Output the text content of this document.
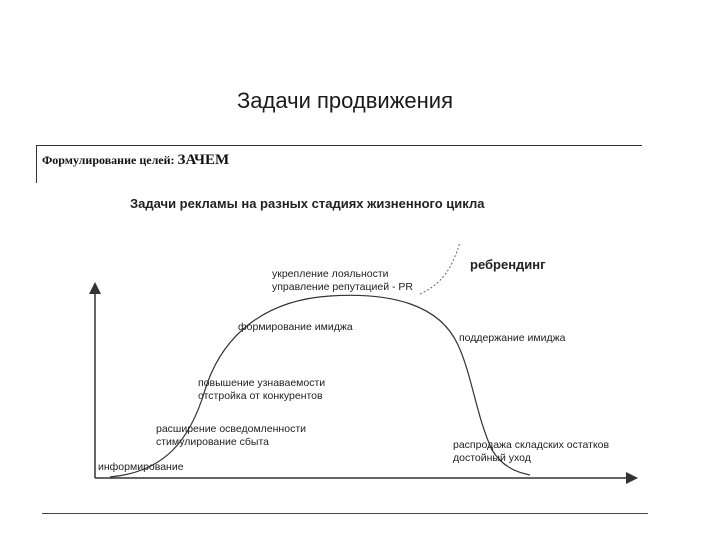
Задачи продвижения
Формулирование целей: ЗАЧЕМ
Задачи рекламы на разных стадиях жизненного цикла
информирование
расширение осведомленности
стимулирование сбыта
повышение узнаваемости
отстройка от конкурентов
формирование имиджа
укрепление лояльности
управление репутацией - PR
ребрендинг
поддержание имиджа
распродажа складских остатков
достойный уход
